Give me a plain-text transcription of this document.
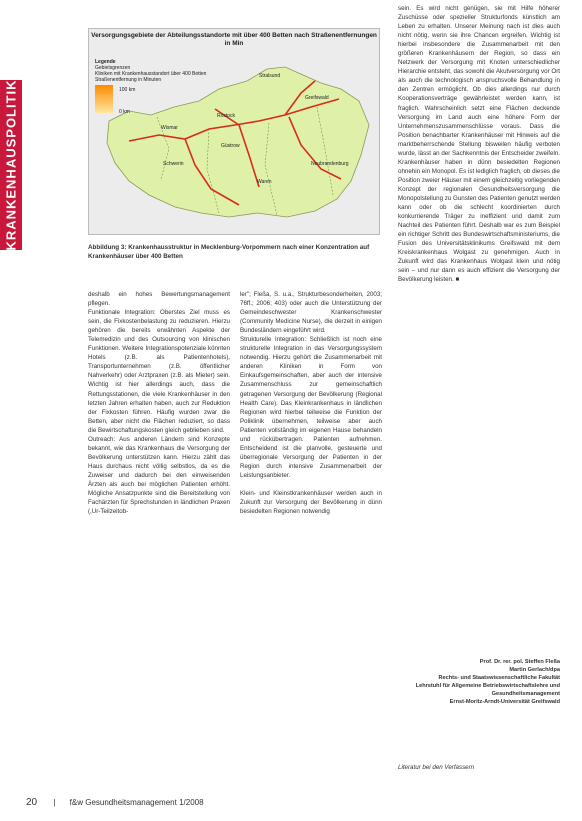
KRANKENHAUSPOLITIK
Versorgungsgebiete der Abteilungsstandorte mit über 400 Betten nach Straßenentfernungen in Min
Legende
Gebietsgrenzen
Kliniken mit Krankenhausstandort über 400 Betten
Straßenentfernung in Minuten
100 km
0 km
Stralsund
Greifswald
Wismar
Schwerin
Rostock
Neubrandenburg
Güstrow
Waren
Abbildung 3: Krankenhausstruktur in Mecklenburg-Vorpommern nach einer Konzentration auf Krankenhäuser über 400 Betten

deshalb ein hohes Bewertungsmanagement pflegen.

Funktionale Integration: Oberstes Ziel muss es sein, die Fixkostenbelastung zu reduzieren. Hierzu gehören die bereits erwähnten Aspekte der Telemedizin und des Outsourcing von klinischen Funktionen. Weitere Integrationspotenziale könnten Hotels (z.B. als Patientenhotels), Transportunternehmen (z.B. öffentlicher Nahverkehr) oder Arztpraxen (z.B. als Mieter) sein. Wichtig ist hier allerdings auch, dass die Rettungsstationen, die viele Krankenhäuser in den letzten Jahren erhalten haben, auch zur Reduktion der Fixkosten führen. Häufig wurden zwar die Betten, aber nicht die Flächen reduziert, so dass die Bewirtschaftungskosten gleich geblieben sind.

Outreach: Aus anderen Ländern sind Konzepte bekannt, wie das Krankenhaus die Versorgung der Bevölkerung unterstützen kann. Hierzu zählt das Haus durchaus nicht völlig selbstlos, da es die Zuweiser und dadurch bei den einweisenden Ärzten als auch bei möglichen Patienten erhöht. Mögliche Ansatzpunkte sind die Bereitstellung von Fachärzten für Sprechstunden in ländlichen Praxen (,Ur-Teilzeitob-

ler"; Fleßa, S. u.a., Strukturbesonderheiten, 2003; 76ff.; 2006; 403) oder auch die Unterstützung der Gemeindeschwester Krankenschwester (Community Medicine Nurse), die derzeit in einigen Bundesländern eingeführt wird.

Strukturelle Integration: Schließlich ist noch eine strukturelle Integration in das Versorgungssystem notwendig. Hierzu gehört die Zusammenarbeit mit anderen Kliniken in Form von Einkaufsgemeinschaften, aber auch der intensive Zusammenschluss zur gemeinschaftlich getragenen Versorgung der Bevölkerung (Regional Health Care). Das Kleinkrankenhaus in ländlichen Regionen wird hierbei teilweise die Funktion der Poliklinik übernehmen, teilweise aber auch Patienten vollständig im eigenen Hause behandeln und rückübertragen. Patienten aufnehmen. Entscheidend ist die planvolle, gesteuerte und überregionale Versorgung der Patienten in der Region durch intensive Zusammenarbeit der Leistungsanbieter.

Klein- und Kleinstkrankenhäuser werden auch in Zukunft zur Versorgung der Bevölkerung in dünn besiedelten Regionen notwendig

sein. Es wird nicht genügen, sie mit Hilfe höherer Zuschüsse oder spezieller Strukturfonds künstlich am Leben zu erhalten. Unserer Meinung nach ist dies auch nicht nötig, wenn sie ihre Chancen ergreifen. Wichtig ist hierbei insbesondere die Zusammenarbeit mit den größeren Krankenhäusern der Region, so dass ein Netzwerk der Versorgung mit Knoten unterschiedlicher Hierarchie entsteht, das sowohl die Akutversorgung vor Ort als auch die technologisch anspruchsvolle Behandlung in den Zentren ermöglicht. Ob dies allerdings nur durch Kooperationsverträge gewährleistet werden kann, ist fraglich. Wahrscheinlich setzt eine Flächen deckende Versorgung im Land auch eine höhere Form der Unternehmenszusammenschlüsse voraus. Dass die Position benachbarter Krankenhäuser mit Hinweis auf die marktbeherrschende Stellung bisweilen häufig verboten wurde, lässt an der Sachkenntnis der Entscheider zweifeln. Krankenhäuser haben in dünn besiedelten Regionen ohnehin ein Monopol. Es ist lediglich fraglich, ob dieses die Position zweier Häuser mit einem gleichzeitig vorliegenden Konzept der regionalen Gesundheitsversorgung die Monopolstellung zu Gunsten des Patienten genutzt werden kann oder ob die schlecht koordinierten durch konkurrierende Träger zu ineffizient und damit zum Nachteil des Patienten führt. Deshalb war es zum Beispiel ein richtiger Schritt des Bundeswirtschaftsministeriums, die Fusion des Universitätsklinikums Greifswald mit dem Kreiskrankenhaus Wolgast zu genehmigen. Auch in Zukunft wird das Krankenhaus Wolgast klein und nötig sein – und nur dann es auch effizient die Versorgung der Bevölkerung leisten. ■

Prof. Dr. rer. pol. Steffen Fleßa
Martin Gerlach/dpa
Rechts- und Staatswissenschaftliche Fakultät
Lehrstuhl für Allgemeine Betriebswirtschaftslehre und Gesundheitsmanagement
Ernst-Moritz-Arndt-Universität Greifswald
Literatur bei den Verfassern
20 | f&w Gesundheitsmanagement 1/2008
